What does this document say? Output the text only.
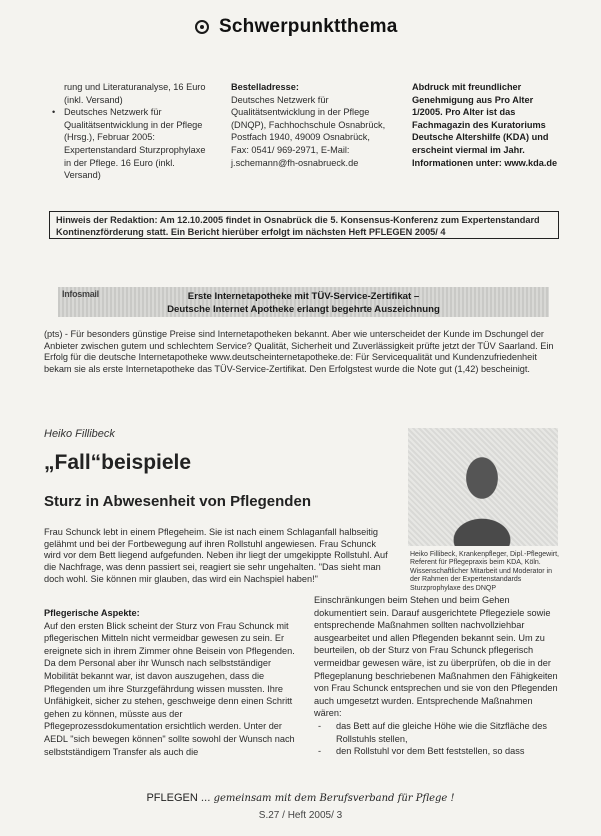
Schwerpunktthema
rung und Literaturanalyse, 16 Euro (inkl. Versand)
• Deutsches Netzwerk für Qualitätsentwicklung in der Pflege (Hrsg.), Februar 2005: Expertenstandard Sturzprophylaxe in der Pflege. 16 Euro (inkl. Versand)
Bestelladresse:
Deutsches Netzwerk für Qualitätsentwicklung in der Pflege (DNQP), Fachhochschule Osnabrück, Postfach 1940, 49009 Osnabrück, Fax: 0541/ 969-2971, E-Mail: j.schemann@fh-osnabrueck.de
Abdruck mit freundlicher Genehmigung aus Pro Alter 1/2005. Pro Alter ist das Fachmagazin des Kuratoriums Deutsche Altershilfe (KDA) und erscheint viermal im Jahr. Informationen unter: www.kda.de
Hinweis der Redaktion: Am 12.10.2005 findet in Osnabrück die 5. Konsensus-Konferenz zum Expertenstandard Kontinenzförderung statt. Ein Bericht hierüber erfolgt im nächsten Heft PFLEGEN 2005/ 4
Infosmail	Erste Internetapotheke mit TÜV-Service-Zertifikat –
Deutsche Internet Apotheke erlangt begehrte Auszeichnung
(pts) - Für besonders günstige Preise sind Internetapotheken bekannt. Aber wie unterscheidet der Kunde im Dschungel der Anbieter zwischen gutem und schlechtem Service? Qualität, Sicherheit und Zuverlässigkeit prüfte jetzt der TÜV Saarland. Ein Erfolg für die deutsche Internetapotheke www.deutscheinternetapotheke.de: Für Servicequalität und Kundenzufriedenheit bekam sie als erste Internetapotheke das TÜV-Service-Zertifikat. Den Erfolgstest wurde die Note gut (1,42) bescheinigt.
Heiko Fillibeck
„Fall“beispiele
Sturz in Abwesenheit von Pflegenden
Frau Schunck lebt in einem Pflegeheim. Sie ist nach einem Schlaganfall halbseitig gelähmt und bei der Fortbewegung auf ihren Rollstuhl angewiesen. Frau Schunck wird vor dem Bett liegend aufgefunden. Neben ihr liegt der umgekippte Rollstuhl. Auf die Nachfrage, was denn passiert sei, reagiert sie sehr ungehalten. "Das sieht man doch wohl. Sie können mir glauben, das wird ein Nachspiel haben!"
Heiko Fillibeck, Krankenpfleger, Dipl.-Pflegewirt, Referent für Pflegepraxis beim KDA, Köln. Wissenschaftlicher Mitarbeit und Moderator in der Rahmen der Expertenstandards Sturzprophylaxe des DNQP
Pflegerische Aspekte:
Auf den ersten Blick scheint der Sturz von Frau Schunck mit pflegerischen Mitteln nicht vermeidbar gewesen zu sein. Er ereignete sich in ihrem Zimmer ohne Beisein von Pflegenden. Da dem Personal aber ihr Wunsch nach selbstständiger Mobilität bekannt war, ist davon auszugehen, dass die Pflegenden um ihre Sturzgefährdung wissen mussten. Ihre Unfähigkeit, sicher zu stehen, geschweige denn einen Schritt gehen zu können, müsste aus der Pflegeprozessdokumentation ersichtlich werden. Unter der AEDL "sich bewegen können" sollte sowohl der Wunsch nach selbstständigem Transfer als auch die
Einschränkungen beim Stehen und beim Gehen dokumentiert sein. Darauf ausgerichtete Pflegeziele sowie entsprechende Maßnahmen sollten nachvollziehbar ausgearbeitet und allen Pflegenden bekannt sein. Um zu beurteilen, ob der Sturz von Frau Schunck pflegerisch vermeidbar gewesen wäre, ist zu überprüfen, ob die in der Pflegeplanung beschriebenen Maßnahmen den Fähigkeiten von Frau Schunck entsprechen und sie von den Pflegenden auch umgesetzt wurden. Entsprechende Maßnahmen wären:
- das Bett auf die gleiche Höhe wie die Sitzfläche des Rollstuhls stellen,
- den Rollstuhl vor dem Bett feststellen, so dass
PFLEGEN ... gemeinsam mit dem Berufsverband für Pflege !
S.27 / Heft 2005/ 3
